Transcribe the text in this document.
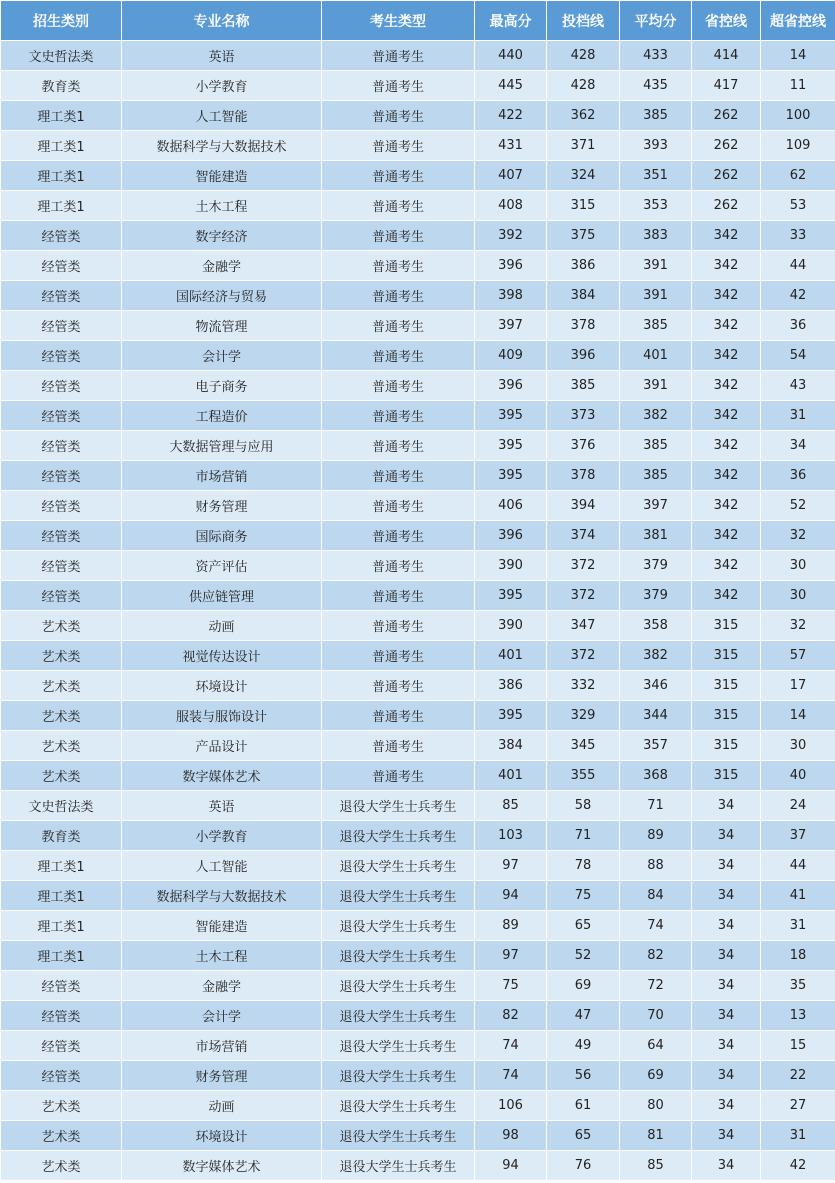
招生类别	专业名称	考生类型	最高分	投档线	平均分	省控线	超省控线
文史哲法类	英语	普通考生	440	428	433	414	14
教育类	小学教育	普通考生	445	428	435	417	11
理工类1	人工智能	普通考生	422	362	385	262	100
理工类1	数据科学与大数据技术	普通考生	431	371	393	262	109
理工类1	智能建造	普通考生	407	324	351	262	62
理工类1	土木工程	普通考生	408	315	353	262	53
经管类	数字经济	普通考生	392	375	383	342	33
经管类	金融学	普通考生	396	386	391	342	44
经管类	国际经济与贸易	普通考生	398	384	391	342	42
经管类	物流管理	普通考生	397	378	385	342	36
经管类	会计学	普通考生	409	396	401	342	54
经管类	电子商务	普通考生	396	385	391	342	43
经管类	工程造价	普通考生	395	373	382	342	31
经管类	大数据管理与应用	普通考生	395	376	385	342	34
经管类	市场营销	普通考生	395	378	385	342	36
经管类	财务管理	普通考生	406	394	397	342	52
经管类	国际商务	普通考生	396	374	381	342	32
经管类	资产评估	普通考生	390	372	379	342	30
经管类	供应链管理	普通考生	395	372	379	342	30
艺术类	动画	普通考生	390	347	358	315	32
艺术类	视觉传达设计	普通考生	401	372	382	315	57
艺术类	环境设计	普通考生	386	332	346	315	17
艺术类	服装与服饰设计	普通考生	395	329	344	315	14
艺术类	产品设计	普通考生	384	345	357	315	30
艺术类	数字媒体艺术	普通考生	401	355	368	315	40
文史哲法类	英语	退役大学生士兵考生	85	58	71	34	24
教育类	小学教育	退役大学生士兵考生	103	71	89	34	37
理工类1	人工智能	退役大学生士兵考生	97	78	88	34	44
理工类1	数据科学与大数据技术	退役大学生士兵考生	94	75	84	34	41
理工类1	智能建造	退役大学生士兵考生	89	65	74	34	31
理工类1	土木工程	退役大学生士兵考生	97	52	82	34	18
经管类	金融学	退役大学生士兵考生	75	69	72	34	35
经管类	会计学	退役大学生士兵考生	82	47	70	34	13
经管类	市场营销	退役大学生士兵考生	74	49	64	34	15
经管类	财务管理	退役大学生士兵考生	74	56	69	34	22
艺术类	动画	退役大学生士兵考生	106	61	80	34	27
艺术类	环境设计	退役大学生士兵考生	98	65	81	34	31
艺术类	数字媒体艺术	退役大学生士兵考生	94	76	85	34	42
